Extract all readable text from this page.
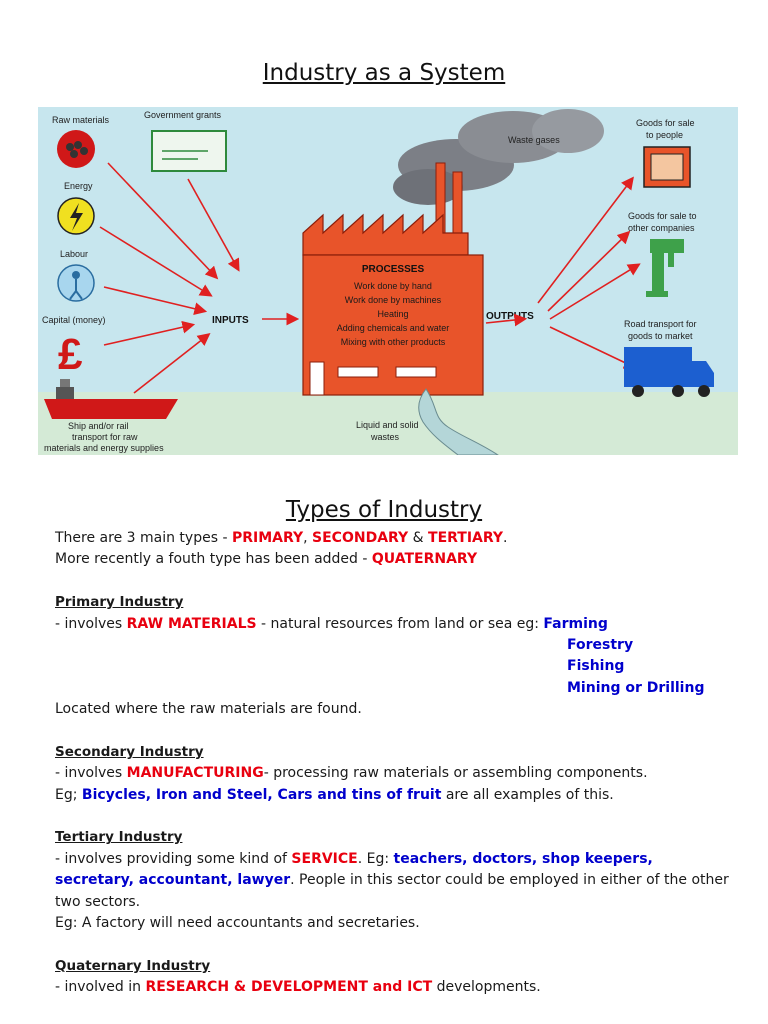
Industry as a System
Waste gases
PROCESSES
Work done by hand
Work done by machines
Heating
Adding chemicals and water
Mixing with other products
Liquid and solid
wastes
Raw materials	Government grants
Energy
Labour
Capital (money)
£
Ship and/or rail
transport for raw
materials and energy supplies
INPUTS	OUTPUTS
Goods for sale
to people
Goods for sale to
other companies
Road transport for
goods to market
Types of Industry
There are 3 main types - PRIMARY, SECONDARY & TERTIARY.
More recently a fouth type has been added - QUATERNARY
Primary Industry
- involves RAW MATERIALS - natural resources from land or sea eg: Farming
Forestry
Fishing
Mining or Drilling
Located where the raw materials are found.
Secondary Industry
- involves MANUFACTURING- processing raw materials or assembling components.
Eg; Bicycles, Iron and Steel, Cars and tins of fruit are all examples of this.
Tertiary Industry
- involves providing some kind of SERVICE. Eg: teachers, doctors, shop keepers,
secretary, accountant, lawyer. People in this sector could be employed in either of the other two sectors.
Eg: A factory will need accountants and secretaries.
Quaternary Industry
- involved in RESEARCH & DEVELOPMENT and ICT developments.
